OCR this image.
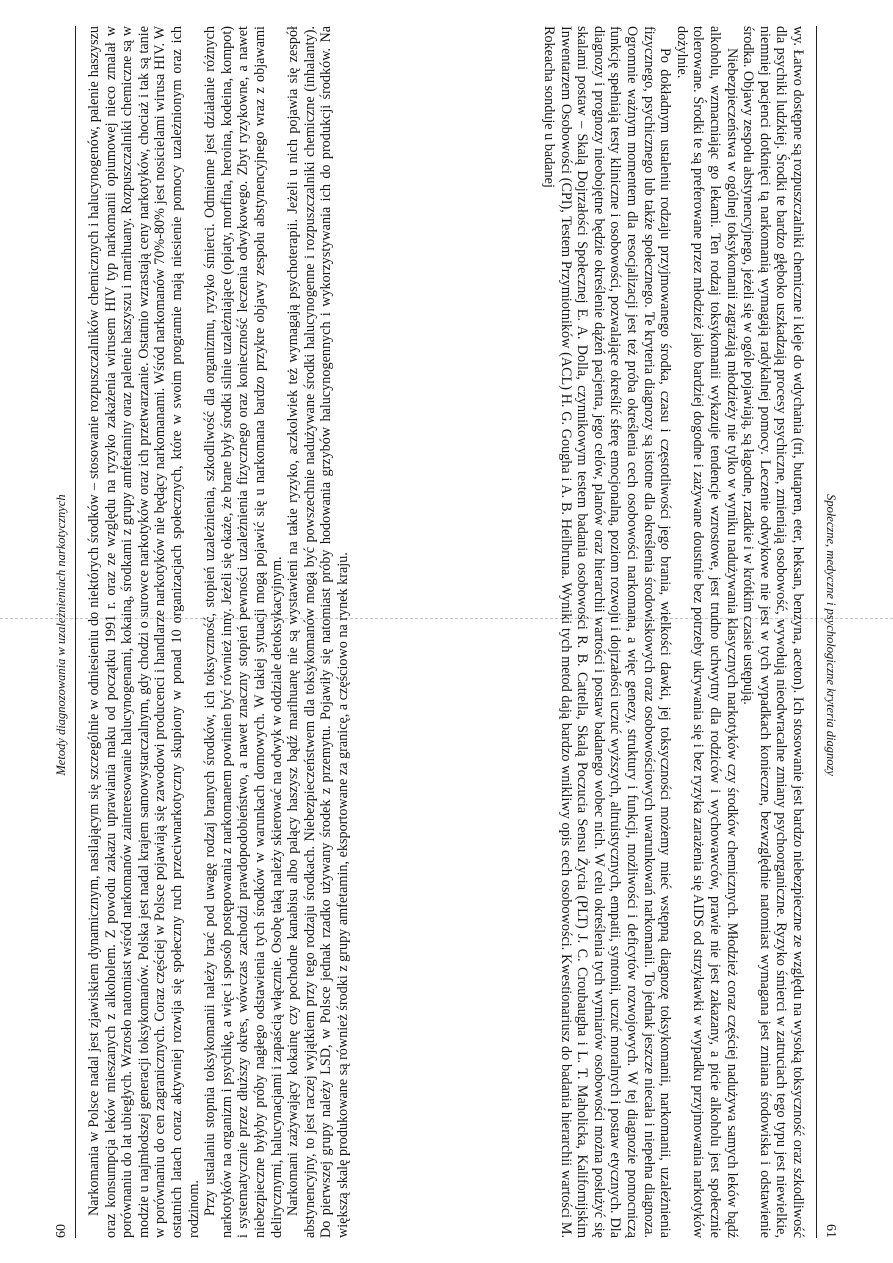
60
Metody diagnozowania w uzależnieniach narkotycznych Narkomania w Polsce nadal jest zjawiskiem dynamicznym, nasilającym się szczególnie w odniesieniu do niektórych środków – stosowanie rozpuszczalników chemicznych i halucynogenów, palenie haszyszu oraz konsumpcja leków mieszanych z alkoholem. Z powodu zakazu uprawiania maku od początku 1991 r. oraz ze względu na ryzyko zakażenia wirusem HIV typ narkomanii opiumowej nieco zmalał w porównaniu do lat ubiegłych. Wzrosło natomiast wśród narkomanów zainteresowanie halucynogenami, kokainą, środkami z grupy amfetaminy oraz palenie haszyszu i marihuany. Rozpuszczalniki chemiczne są w modzie u najmłodszej generacji toksykomanów. Polska jest nadal krajem samowystarczalnym, gdy chodzi o surowce narkotyków oraz ich przetwarzanie. Ostatnio wzrastają ceny narkotyków, chociaż i tak są tanie w porównaniu do cen zagranicznych. Coraz częściej w Polsce pojawiają się zawodowi producenci i handlarze narkotyków nie będący narkomanami. Wśród narkomanów 70%-80% jest nosicielami wirusa HIV. W ostatnich latach coraz aktywniej rozwija się społeczny ruch przeciwnarkotyczny skupiony w ponad 10 organizacjach społecznych, które w swoim programie mają niesienie pomocy uzależnionym oraz ich rodzinom. Przy ustalaniu stopnia toksykomanii należy brać pod uwagę rodzaj branych środków, ich toksyczność, stopień uzależnienia, szkodliwość dla organizmu, ryzyko śmierci. Odmienne jest działanie różnych narkotyków na organizm i psychikę, a więc i sposób postępowania z narkomanem powinien być również inny. Jeżeli się okaże, że brane były środki silnie uzależniające (opiaty, morfina, heroina, kodeina, kompot) i systematycznie przez dłuższy okres, wówczas zachodzi prawdopodobieństwo, a nawet znaczny stopień pewności uzależnienia fizycznego oraz konieczność leczenia odwykowego. Zbyt ryzykowne, a nawet niebezpieczne byłyby próby nagłego odstawienia tych środków w warunkach domowych. W takiej sytuacji mogą pojawić się u narkomana bardzo przykre objawy zespołu abstynencyjnego wraz z objawami delirycznymi, halucynacjami i zapaścią włącznie. Osobę taką należy skierować na odwyk w oddziale detoksykacyjnym. Narkomani zażywający kokainę czy pochodne kanabisu albo palący haszysz bądź marihuanę nie są wystawieni na takie ryzyko, aczkolwiek też wymagają psychoterapii. Jeżeli u nich pojawia się zespół abstynencyjny, to jest raczej wyjątkiem przy tego rodzaju środkach. Niebezpieczeństwem dla toksykomanów mogą być powszechnie nadużywane środki halucynogenne i rozpuszczalniki chemiczne (inhalanty). Do pierwszej grupy należy LSD, w Polsce jednak rzadko używany środek z przemytu. Pojawiły się natomiast próby hodowania grzybów halucynogennych i wykorzystywania ich do produkcji środków. Na większą skalę produkowane są również środki z grupy amfetamin, eksportowane za granicę, a częściowo na rynek kraju.	Społeczne, medyczne i psychologiczne kryteria diagnozy
61

wy. Łatwo dostępne są rozpuszczalniki chemiczne i kleje do wdychania (tri, butapren, eter, heksan, benzyna, aceton). Ich stosowanie jest bardzo niebezpieczne ze względu na wysoką toksyczność oraz szkodliwość dla psychiki ludzkiej. Środki te bardzo głęboko uszkadzają procesy psychiczne, zmieniają osobowość, wywołują nieodwracalne zmiany psychoorganiczne. Ryzyko śmierci w zatruciach tego typu jest niewielkie, niemniej pacjenci dotknięci tą narkomanią wymagają radykalnej pomocy. Leczenie odwykowe nie jest w tych wypadkach konieczne, bezwzględnie natomiast wymagana jest zmiana środowiska i odstawienie środka. Objawy zespołu abstynencyjnego, jeżeli się w ogóle pojawiają, są łagodne, rzadkie i w krótkim czasie ustępują.

Niebezpieczeństwa w ogólnej toksykomanii zagrażają młodzieży nie tylko w wyniku nadużywania klasycznych narkotyków czy środków chemicznych. Młodzież coraz częściej nadużywa samych leków bądź alkoholu, wzmacniając go lekami. Ten rodzaj toksykomanii wykazuje tendencje wzrostowe, jest trudno uchwytny dla rodziców i wychowawców, prawie nie jest zakazany, a picie alkoholu jest społecznie tolerowane. Środki te są preferowane przez młodzież jako bardziej dogodne i zażywane doustnie bez potrzeby ukrywania się i bez ryzyka zarażenia się AIDS od strzykawki w wypadku przyjmowania narkotyków dożylnie.

Po dokładnym ustaleniu rodzaju przyjmowanego środka, czasu i częstotliwości jego brania, wielkości dawki, jej toksyczności możemy mieć wstępną diagnozę toksykomanii, narkomanii, uzależnienia fizycznego, psychicznego lub także społecznego. Te kryteria diagnozy są istotne dla określenia środowiskowych oraz osobowościowych uwarunkowań narkomanii. To jednak jeszcze niecała i niepełna diagnoza. Ogromnie ważnym momentem dla resocjalizacji jest też próba określenia cech osobowości narkomana, a więc genezy, struktury i funkcji, możliwości i deficytów rozwojowych. W tej diagnozie pomocniczą funkcję spełniają testy kliniczne i osobowości, pozwalające określić sferę emocjonalną, poziom rozwoju i dojrzałości uczuć wyższych, altruistycznych, empatii, syntonii, uczuć moralnych i postaw etycznych. Dla diagnozy i prognozy nieobojętne będzie określenie dążeń pacjenta, jego celów, planów oraz hierarchii wartości i postaw badanego wobec nich. W celu określenia tych wymiarów osobowości można posłużyć się skalami postaw – Skalą Dojrzałości Społecznej E. A. Dolla, czynnikowym testem badania osobowości R. B. Cattella, Skalą Poczucia Sensu Życia (PLT) J. C. Croubaugha i L. T. Maholicka, Kalifornijskim Inwentarzem Osobowości (CPI), Testem Przymiotników (ACL) H. G. Gougha i A. B. Heilbruna. Wyniki tych metod dają bardzo wnikliwy opis cech osobowości. Kwestionariusz do badania hierarchii wartości M. Rokeacha sonduje u badanej
